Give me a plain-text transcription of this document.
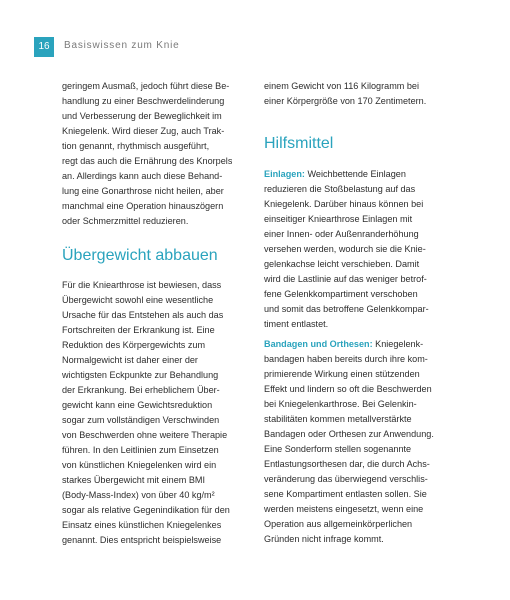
16	Basiswissen zum Knie
geringem Ausmaß, jedoch führt diese Be-
handlung zu einer Beschwerdelinderung
und Verbesserung der Beweglichkeit im
Kniegelenk. Wird dieser Zug, auch Trak-
tion genannt, rhythmisch ausgeführt,
regt das auch die Ernährung des Knorpels
an. Allerdings kann auch diese Behand-
lung eine Gonarthrose nicht heilen, aber
manchmal eine Operation hinauszögern
oder Schmerzmittel reduzieren.
Übergewicht abbauen
Für die Kniearthrose ist bewiesen, dass
Übergewicht sowohl eine wesentliche
Ursache für das Entstehen als auch das
Fortschreiten der Erkrankung ist. Eine
Reduktion des Körpergewichts zum
Normalgewicht ist daher einer der
wichtigsten Eckpunkte zur Behandlung
der Erkrankung. Bei erheblichem Über-
gewicht kann eine Gewichtsreduktion
sogar zum vollständigen Verschwinden
von Beschwerden ohne weitere Therapie
führen. In den Leitlinien zum Einsetzen
von künstlichen Kniegelenken wird ein
starkes Übergewicht mit einem BMI
(Body-Mass-Index) von über 40 kg/m²
sogar als relative Gegenindikation für den
Einsatz eines künstlichen Kniegelenkes
genannt. Dies entspricht beispielsweise
einem Gewicht von 116 Kilogramm bei
einer Körpergröße von 170 Zentimetern.
Hilfsmittel
Einlagen: Weichbettende Einlagen
reduzieren die Stoßbelastung auf das
Kniegelenk. Darüber hinaus können bei
einseitiger Kniearthrose Einlagen mit
einer Innen- oder Außenranderhöhung
versehen werden, wodurch sie die Knie-
gelenkachse leicht verschieben. Damit
wird die Lastlinie auf das weniger betrof-
fene Gelenkkompartiment verschoben
und somit das betroffene Gelenkkompar-
timent entlastet.
Bandagen und Orthesen: Kniegelenk-
bandagen haben bereits durch ihre kom-
primierende Wirkung einen stützenden
Effekt und lindern so oft die Beschwerden
bei Kniegelenkarthrose. Bei Gelenkin-
stabilitäten kommen metallverstärkte
Bandagen oder Orthesen zur Anwendung.
Eine Sonderform stellen sogenannte
Entlastungsorthesen dar, die durch Achs-
veränderung das überwiegend verschlis-
sene Kompartiment entlasten sollen. Sie
werden meistens eingesetzt, wenn eine
Operation aus allgemeinkörperlichen
Gründen nicht infrage kommt.
